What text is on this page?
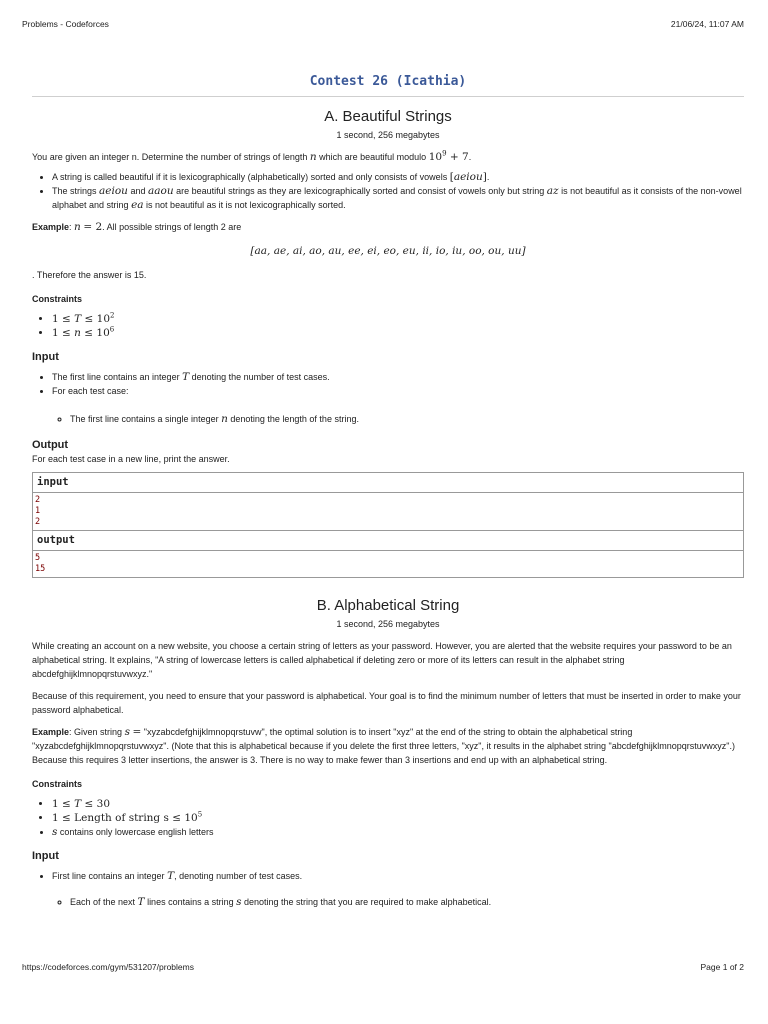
Problems - Codeforces	21/06/24, 11:07 AM
Contest 26 (Icathia)
A. Beautiful Strings
1 second, 256 megabytes

You are given an integer n. Determine the number of strings of length n which are beautiful modulo $10^9 + 7$.

• A string is called beautiful if it is lexicographically (alphabetically) sorted and only consists of vowels [aeiou].
• The strings aeiou and aaou are beautiful strings as they are lexicographically sorted and consist of vowels only but string az is not beautiful as it consists of the non-vowel alphabet and string ea is not beautiful as it is not lexicographically sorted.

Example: n = 2. All possible strings of length 2 are

[aa, ae, ai, ao, au, ee, ei, eo, eu, ii, io, iu, oo, ou, uu]

. Therefore the answer is 15.

Constraints
• $1 \le T \le 10^2$
• $1 \le n \le 10^6$
Input
• The first line contains an integer T denoting the number of test cases.
• For each test case:
◦ The first line contains a single integer n denoting the length of the string.
Output
For each test case in a new line, print the answer.
input
2
1
2
output
5
15
B. Alphabetical String
1 second, 256 megabytes

While creating an account on a new website, you choose a certain string of letters as your password. However, you are alerted that the website requires your password to be an alphabetical string. It explains, "A string of lowercase letters is called alphabetical if deleting zero or more of its letters can result in the alphabet string abcdefghijklmnopqrstuvwxyz."

Because of this requirement, you need to ensure that your password is alphabetical. Your goal is to find the minimum number of letters that must be inserted in order to make your password alphabetical.

Example: Given string s = "xyzabcdefghijklmnopqrstuvw", the optimal solution is to insert "xyz" at the end of the string to obtain the alphabetical string "xyzabcdefghijklmnopqrstuvwxyz". (Note that this is alphabetical because if you delete the first three letters, "xyz", it results in the alphabet string "abcdefghijklmnopqrstuvwxyz".) Because this requires 3 letter insertions, the answer is 3. There is no way to make fewer than 3 insertions and end up with an alphabetical string.

Constraints
• 1 ≤ T ≤ 30
• 1 ≤ Length of string $s \le 10^5$
• s contains only lowercase english letters
Input
• First line contains an integer T, denoting number of test cases.
◦ Each of the next T lines contains a string s denoting the string that you are required to make alphabetical.
https://codeforces.com/gym/531207/problems	Page 1 of 2
